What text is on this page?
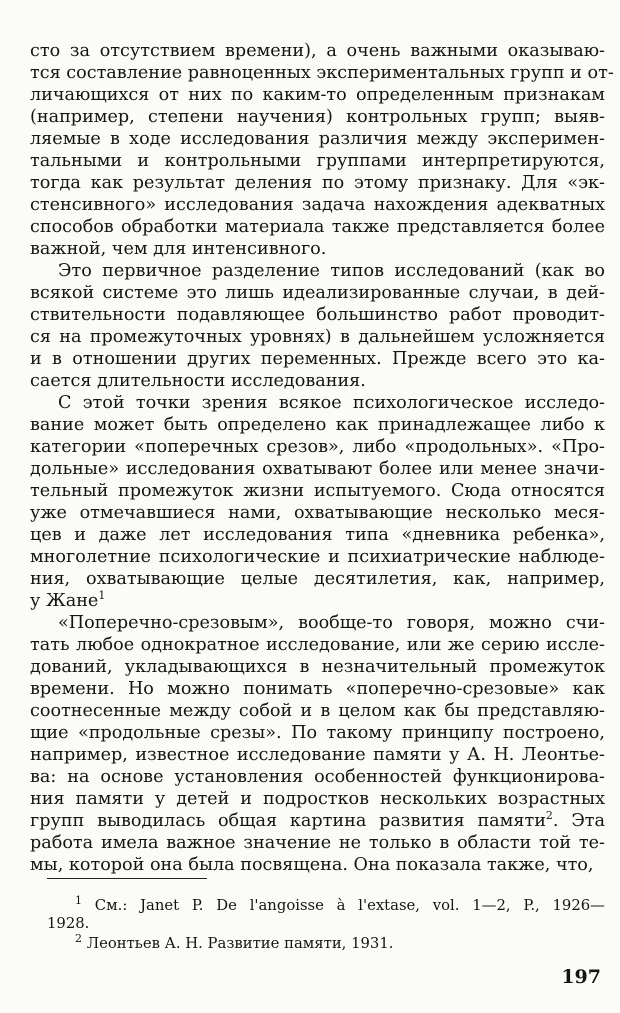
сто за отсутствием времени), а очень важными оказываю-
тся составление равноценных экспериментальных групп и от-
личающихся от них по каким-то определенным признакам
(например, степени научения) контрольных групп; выяв-
ляемые в ходе исследования различия между эксперимен-
тальными и контрольными группами интерпретируются,
тогда как результат деления по этому признаку. Для «эк-
стенсивного» исследования задача нахождения адекватных
способов обработки материала также представляется более
важной, чем для интенсивного.
Это первичное разделение типов исследований (как во
всякой системе это лишь идеализированные случаи, в дей-
ствительности подавляющее большинство работ проводит-
ся на промежуточных уровнях) в дальнейшем усложняется
и в отношении других переменных. Прежде всего это ка-
сается длительности исследования.
С этой точки зрения всякое психологическое исследо-
вание может быть определено как принадлежащее либо к
категории «поперечных срезов», либо «продольных». «Про-
дольные» исследования охватывают более или менее значи-
тельный промежуток жизни испытуемого. Сюда относятся
уже отмечавшиеся нами, охватывающие несколько меся-
цев и даже лет исследования типа «дневника ребенка»,
многолетние психологические и психиатрические наблюде-
ния, охватывающие целые десятилетия, как, например,
у Жане$^1$
«Поперечно-срезовым», вообще-то говоря, можно счи-
тать любое однократное исследование, или же серию иссле-
дований, укладывающихся в незначительный промежуток
времени. Но можно понимать «поперечно-срезовые» как
соотнесенные между собой и в целом как бы представляю-
щие «продольные срезы». По такому принципу построено,
например, известное исследование памяти у А. Н. Леонтье-
ва: на основе установления особенностей функционирова-
ния памяти у детей и подростков нескольких возрастных
групп выводилась общая картина развития памяти$^2$. Эта
работа имела важное значение не только в области той те-
мы, которой она была посвящена. Она показала также, что,
$^1$ См.: Janet P. De l'angoisse à l'extase, vol. 1—2, P., 1926—
1928.
$^2$ Леонтьев А. Н. Развитие памяти, 1931.
197
